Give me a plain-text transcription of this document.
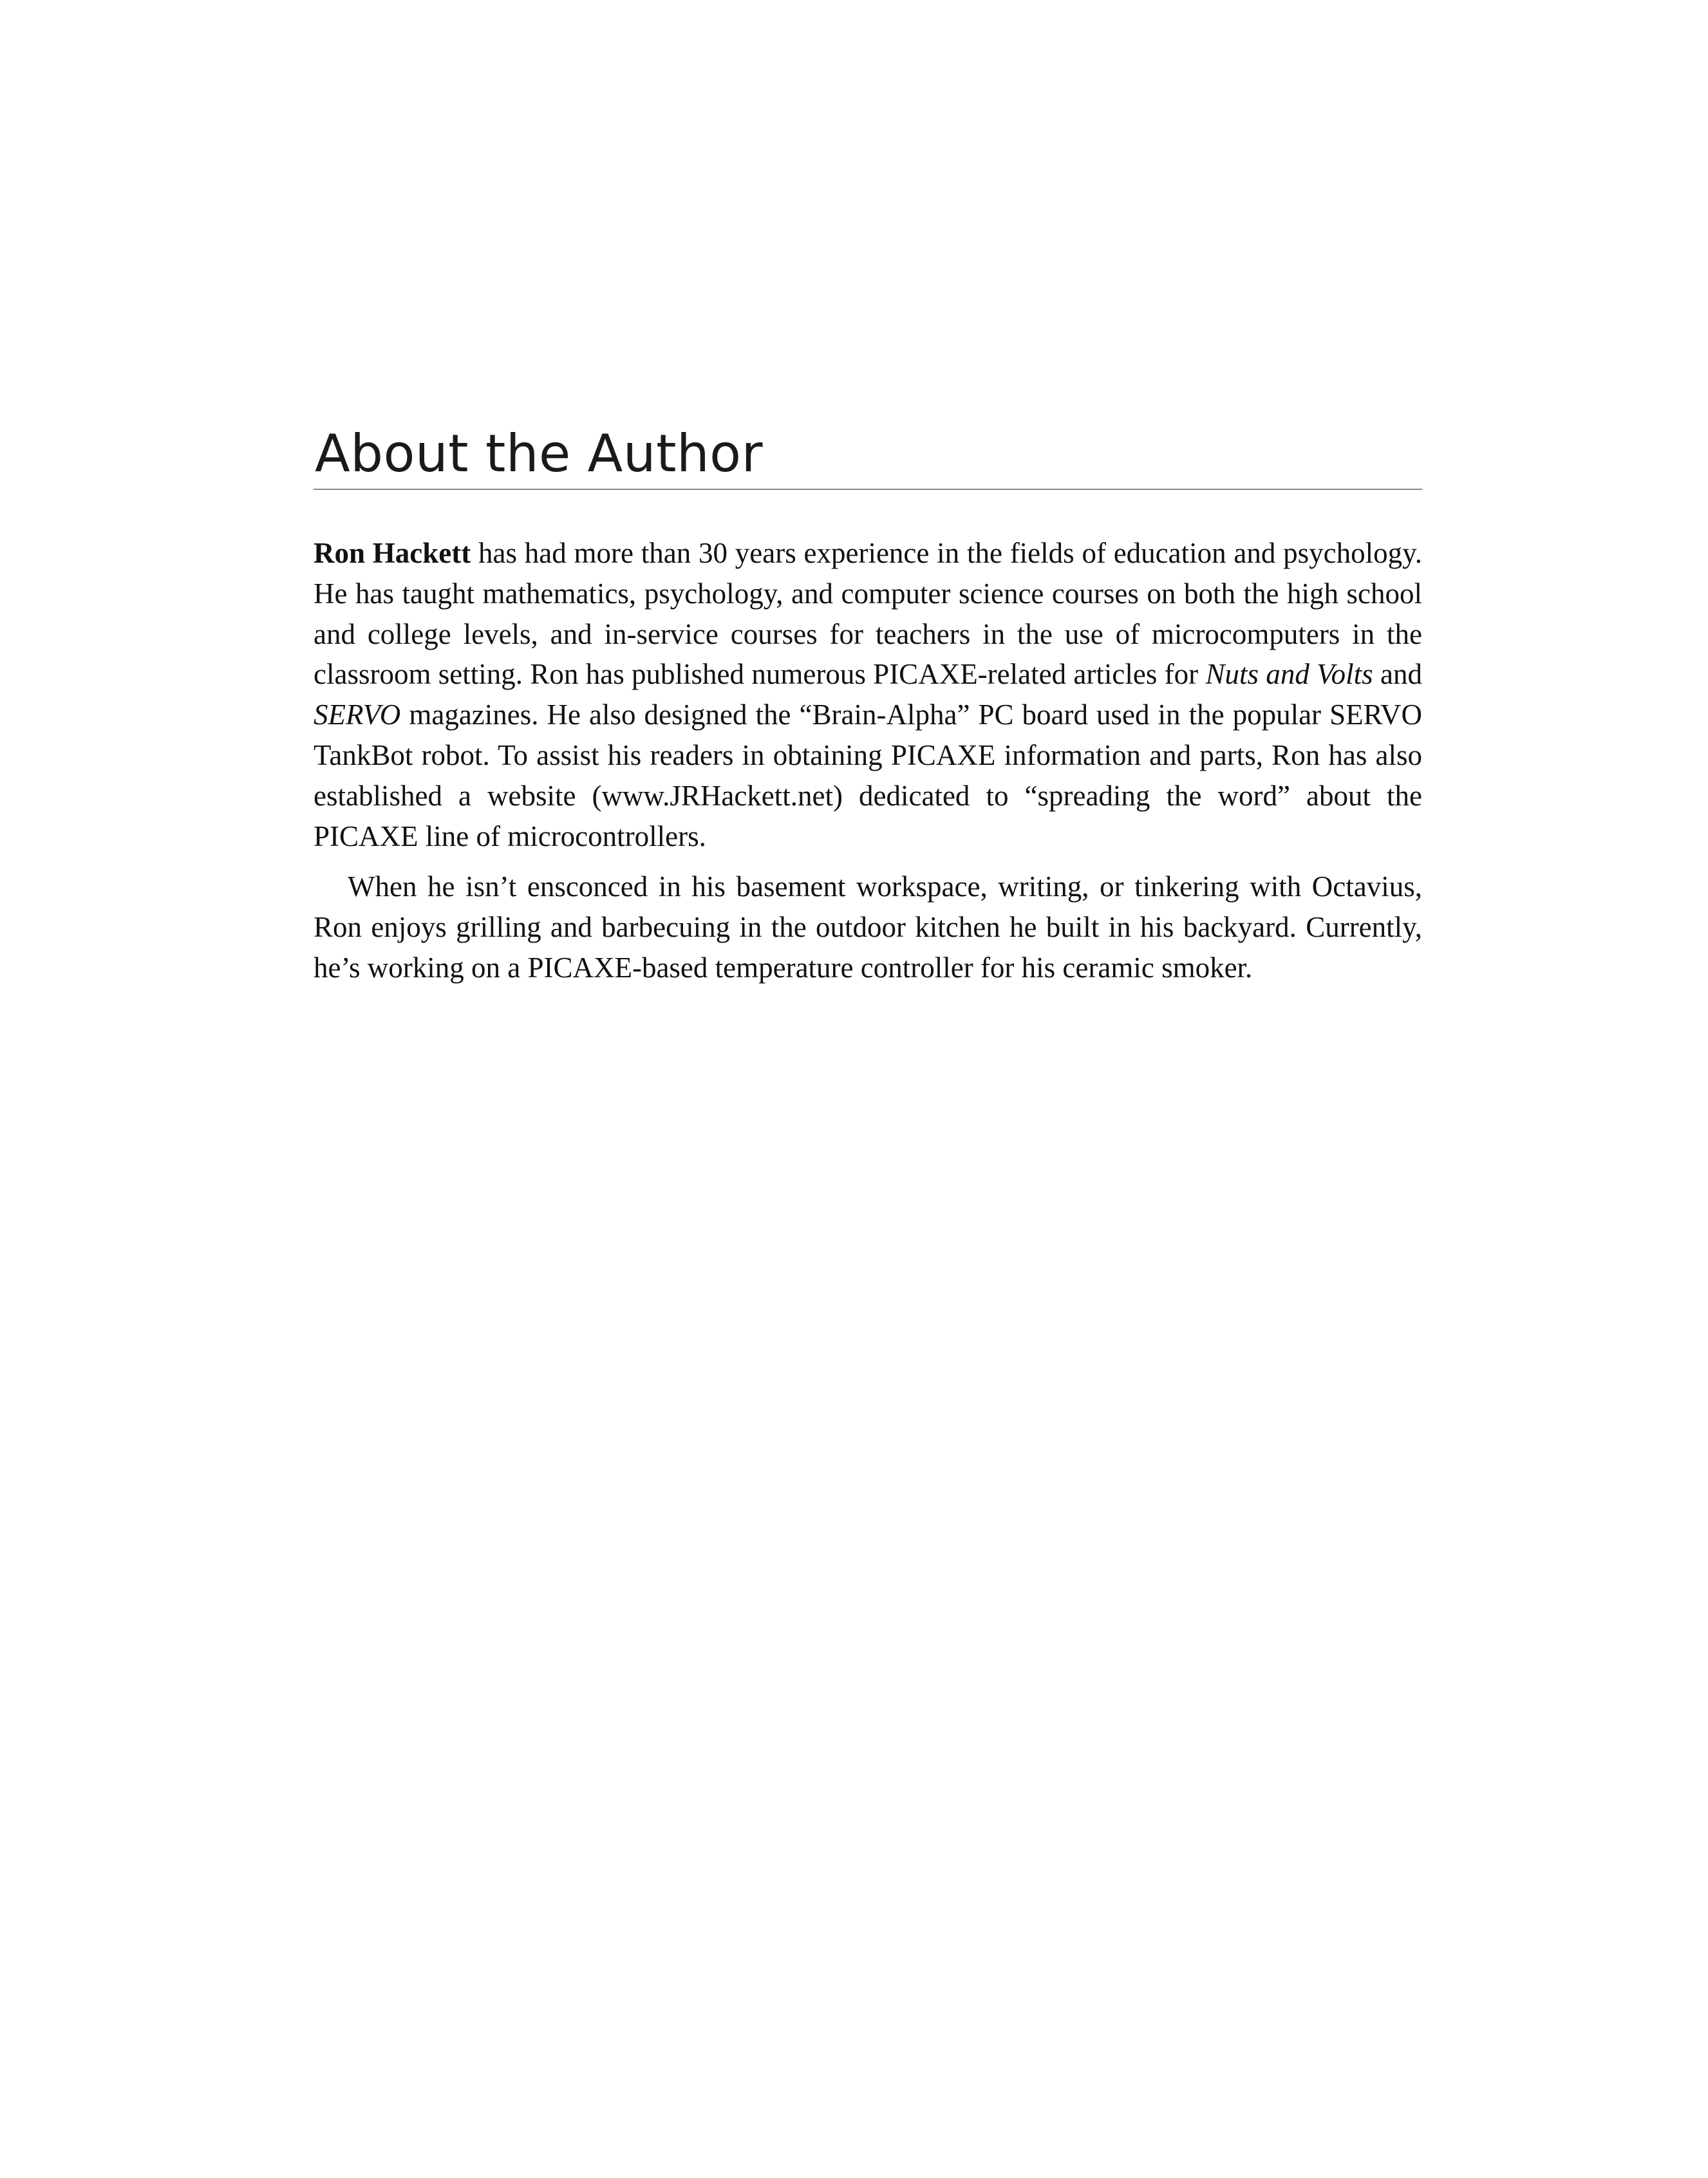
About the Author

Ron Hackett has had more than 30 years experience in the fields of education and psychology. He has taught mathematics, psychology, and computer science courses on both the high school and college levels, and in-service courses for teachers in the use of microcomputers in the classroom setting. Ron has published numerous PICAXE-related articles for Nuts and Volts and SERVO magazines. He also designed the “Brain-Alpha” PC board used in the popular SERVO TankBot robot. To assist his readers in obtaining PICAXE information and parts, Ron has also established a website (www.JRHackett.net) dedicated to “spreading the word” about the PICAXE line of microcontrollers.

When he isn’t ensconced in his basement workspace, writing, or tinkering with Octavius, Ron enjoys grilling and barbecuing in the outdoor kitchen he built in his backyard. Currently, he’s working on a PICAXE-based temperature controller for his ceramic smoker.
